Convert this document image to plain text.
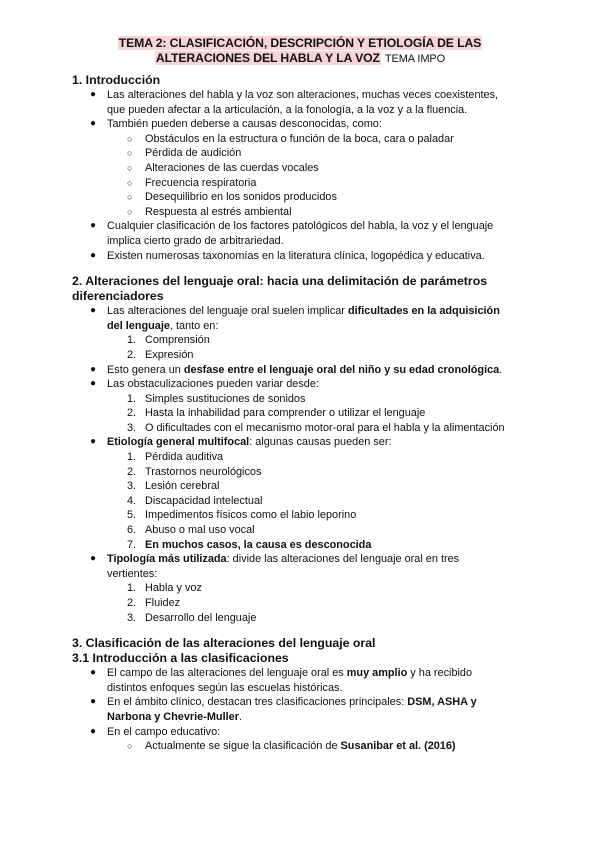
TEMA 2: CLASIFICACIÓN, DESCRIPCIÓN Y ETIOLOGÍA DE LAS
ALTERACIONES DEL HABLA Y LA VOZ TEMA IMPO
1. Introducción
● Las alteraciones del habla y la voz son alteraciones, muchas veces coexistentes, que pueden afectar a la articulación, a la fonología, a la voz y a la fluencia.
● También pueden deberse a causas desconocidas, como:
○ Obstáculos en la estructura o función de la boca, cara o paladar
○ Pérdida de audición
○ Alteraciones de las cuerdas vocales
○ Frecuencia respiratoria
○ Desequilibrio en los sonidos producidos
○ Respuesta al estrés ambiental
● Cualquier clasificación de los factores patológicos del habla, la voz y el lenguaje implica cierto grado de arbitrariedad.
● Existen numerosas taxonomías en la literatura clínica, logopédica y educativa.
2. Alteraciones del lenguaje oral: hacia una delimitación de parámetros diferenciadores
● Las alteraciones del lenguaje oral suelen implicar dificultades en la adquisición del lenguaje, tanto en:
1. Comprensión
2. Expresión
● Esto genera un desfase entre el lenguaje oral del niño y su edad cronológica.
● Las obstaculizaciones pueden variar desde:
1. Simples sustituciones de sonidos
2. Hasta la inhabilidad para comprender o utilizar el lenguaje
3. O dificultades con el mecanismo motor-oral para el habla y la alimentación
● Etiología general multifocal: algunas causas pueden ser:
1. Pérdida auditiva
2. Trastornos neurológicos
3. Lesión cerebral
4. Discapacidad intelectual
5. Impedimentos físicos como el labio leporino
6. Abuso o mal uso vocal
7. En muchos casos, la causa es desconocida
● Tipología más utilizada: divide las alteraciones del lenguaje oral en tres vertientes:
1. Habla y voz
2. Fluidez
3. Desarrollo del lenguaje
3. Clasificación de las alteraciones del lenguaje oral
3.1 Introducción a las clasificaciones
● El campo de las alteraciones del lenguaje oral es muy amplio y ha recibido distintos enfoques según las escuelas históricas.
● En el ámbito clínico, destacan tres clasificaciones principales: DSM, ASHA y Narbona y Chevrie-Muller.
● En el campo educativo:
○ Actualmente se sigue la clasificación de Susanibar et al. (2016)
